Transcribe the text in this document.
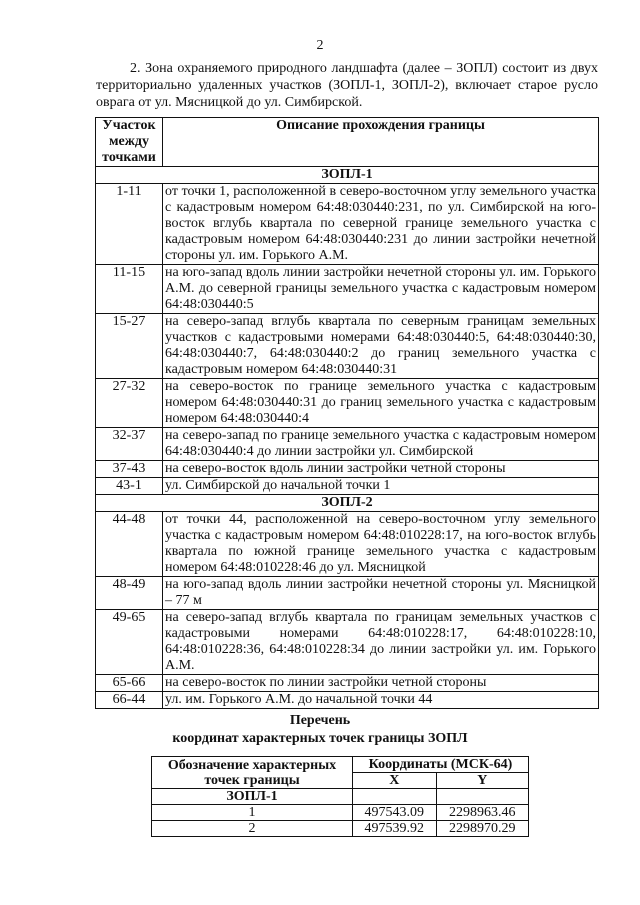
2

2. Зона охраняемого природного ландшафта (далее – ЗОПЛ) состоит из двух территориально удаленных участков (ЗОПЛ-1, ЗОПЛ-2), включает старое русло оврага от ул. Мясницкой до ул. Симбирской.

Участок между точками	Описание прохождения границы
ЗОПЛ-1	
1-11	от точки 1, расположенной в северо-восточном углу земельного участка с кадастровым номером 64:48:030440:231, по ул. Симбирской на юго-восток вглубь квартала по северной границе земельного участка с кадастровым номером 64:48:030440:231 до линии застройки нечетной стороны ул. им. Горького А.М.
11-15	на юго-запад вдоль линии застройки нечетной стороны ул. им. Горького А.М. до северной границы земельного участка с кадастровым номером 64:48:030440:5
15-27	на северо-запад вглубь квартала по северным границам земельных участков с кадастровыми номерами 64:48:030440:5, 64:48:030440:30, 64:48:030440:7, 64:48:030440:2 до границ земельного участка с кадастровым номером 64:48:030440:31
27-32	на северо-восток по границе земельного участка с кадастровым номером 64:48:030440:31 до границ земельного участка с кадастровым номером 64:48:030440:4
32-37	на северо-запад по границе земельного участка с кадастровым номером 64:48:030440:4 до линии застройки ул. Симбирской
37-43	на северо-восток вдоль линии застройки четной стороны
43-1	ул. Симбирской до начальной точки 1
ЗОПЛ-2	
44-48	от точки 44, расположенной на северо-восточном углу земельного участка с кадастровым номером 64:48:010228:17, на юго-восток вглубь квартала по южной границе земельного участка с кадастровым номером 64:48:010228:46 до ул. Мясницкой
48-49	на юго-запад вдоль линии застройки нечетной стороны ул. Мясницкой – 77 м
49-65	на северо-запад вглубь квартала по границам земельных участков с кадастровыми номерами 64:48:010228:17, 64:48:010228:10, 64:48:010228:36, 64:48:010228:34 до линии застройки ул. им. Горького А.М.
65-66	на северо-восток по линии застройки четной стороны
66-44	ул. им. Горького А.М. до начальной точки 44
Перечень
координат характерных точек границы ЗОПЛ
Обозначение характерных точек границы	Координаты (МСК-64)	
	X	Y
ЗОПЛ-1		
1	497543.09	2298963.46
2	497539.92	2298970.29
